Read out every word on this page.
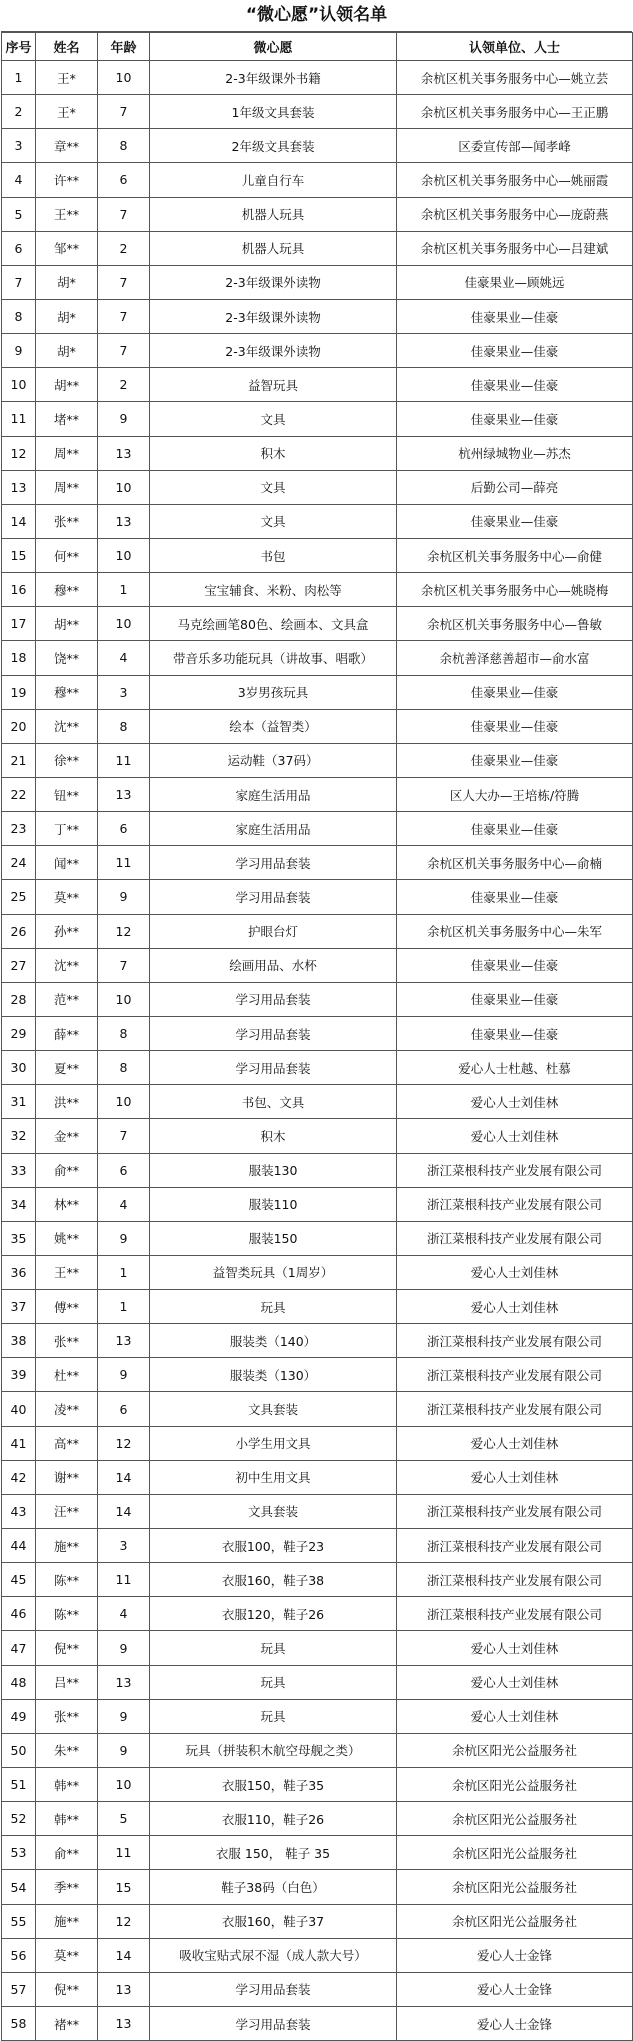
“微心愿”认领名单
序号	姓名	年龄	微心愿	认领单位、人士
1	王*	10	2-3年级课外书籍	余杭区机关事务服务中心—姚立芸
2	王*	7	1年级文具套装	余杭区机关事务服务中心—王正鹏
3	章**	8	2年级文具套装	区委宣传部—闻孝峰
4	许**	6	儿童自行车	余杭区机关事务服务中心—姚丽霞
5	王**	7	机器人玩具	余杭区机关事务服务中心—庞蔚燕
6	邹**	2	机器人玩具	余杭区机关事务服务中心—吕建斌
7	胡*	7	2-3年级课外读物	佳豪果业—顾姚远
8	胡*	7	2-3年级课外读物	佳豪果业—佳豪
9	胡*	7	2-3年级课外读物	佳豪果业—佳豪
10	胡**	2	益智玩具	佳豪果业—佳豪
11	堵**	9	文具	佳豪果业—佳豪
12	周**	13	积木	杭州绿城物业—苏杰
13	周**	10	文具	后勤公司—薛亮
14	张**	13	文具	佳豪果业—佳豪
15	何**	10	书包	余杭区机关事务服务中心—俞健
16	穆**	1	宝宝辅食、米粉、肉松等	余杭区机关事务服务中心—姚晓梅
17	胡**	10	马克绘画笔80色、绘画本、文具盒	余杭区机关事务服务中心—鲁敏
18	饶**	4	带音乐多功能玩具（讲故事、唱歌）	余杭善泽慈善超市—俞水富
19	穆**	3	3岁男孩玩具	佳豪果业—佳豪
20	沈**	8	绘本（益智类）	佳豪果业—佳豪
21	徐**	11	运动鞋（37码）	佳豪果业—佳豪
22	钮**	13	家庭生活用品	区人大办—王培栋/符腾
23	丁**	6	家庭生活用品	佳豪果业—佳豪
24	闻**	11	学习用品套装	余杭区机关事务服务中心—俞楠
25	莫**	9	学习用品套装	佳豪果业—佳豪
26	孙**	12	护眼台灯	余杭区机关事务服务中心—朱军
27	沈**	7	绘画用品、水杯	佳豪果业—佳豪
28	范**	10	学习用品套装	佳豪果业—佳豪
29	薛**	8	学习用品套装	佳豪果业—佳豪
30	夏**	8	学习用品套装	爱心人士杜越、杜慕
31	洪**	10	书包、文具	爱心人士刘佳林
32	金**	7	积木	爱心人士刘佳林
33	俞**	6	服装130	浙江菜根科技产业发展有限公司
34	林**	4	服装110	浙江菜根科技产业发展有限公司
35	姚**	9	服装150	浙江菜根科技产业发展有限公司
36	王**	1	益智类玩具（1周岁）	爱心人士刘佳林
37	傅**	1	玩具	爱心人士刘佳林
38	张**	13	服装类（140）	浙江菜根科技产业发展有限公司
39	杜**	9	服装类（130）	浙江菜根科技产业发展有限公司
40	凌**	6	文具套装	浙江菜根科技产业发展有限公司
41	高**	12	小学生用文具	爱心人士刘佳林
42	谢**	14	初中生用文具	爱心人士刘佳林
43	汪**	14	文具套装	浙江菜根科技产业发展有限公司
44	施**	3	衣服100，鞋子23	浙江菜根科技产业发展有限公司
45	陈**	11	衣服160，鞋子38	浙江菜根科技产业发展有限公司
46	陈**	4	衣服120，鞋子26	浙江菜根科技产业发展有限公司
47	倪**	9	玩具	爱心人士刘佳林
48	吕**	13	玩具	爱心人士刘佳林
49	张**	9	玩具	爱心人士刘佳林
50	朱**	9	玩具（拼装积木航空母舰之类）	余杭区阳光公益服务社
51	韩**	10	衣服150，鞋子35	余杭区阳光公益服务社
52	韩**	5	衣服110，鞋子26	余杭区阳光公益服务社
53	俞**	11	衣服 150， 鞋子 35	余杭区阳光公益服务社
54	季**	15	鞋子38码（白色）	余杭区阳光公益服务社
55	施**	12	衣服160，鞋子37	余杭区阳光公益服务社
56	莫**	14	吸收宝贴式尿不湿（成人款大号）	爱心人士金锋
57	倪**	13	学习用品套装	爱心人士金锋
58	褚**	13	学习用品套装	爱心人士金锋
